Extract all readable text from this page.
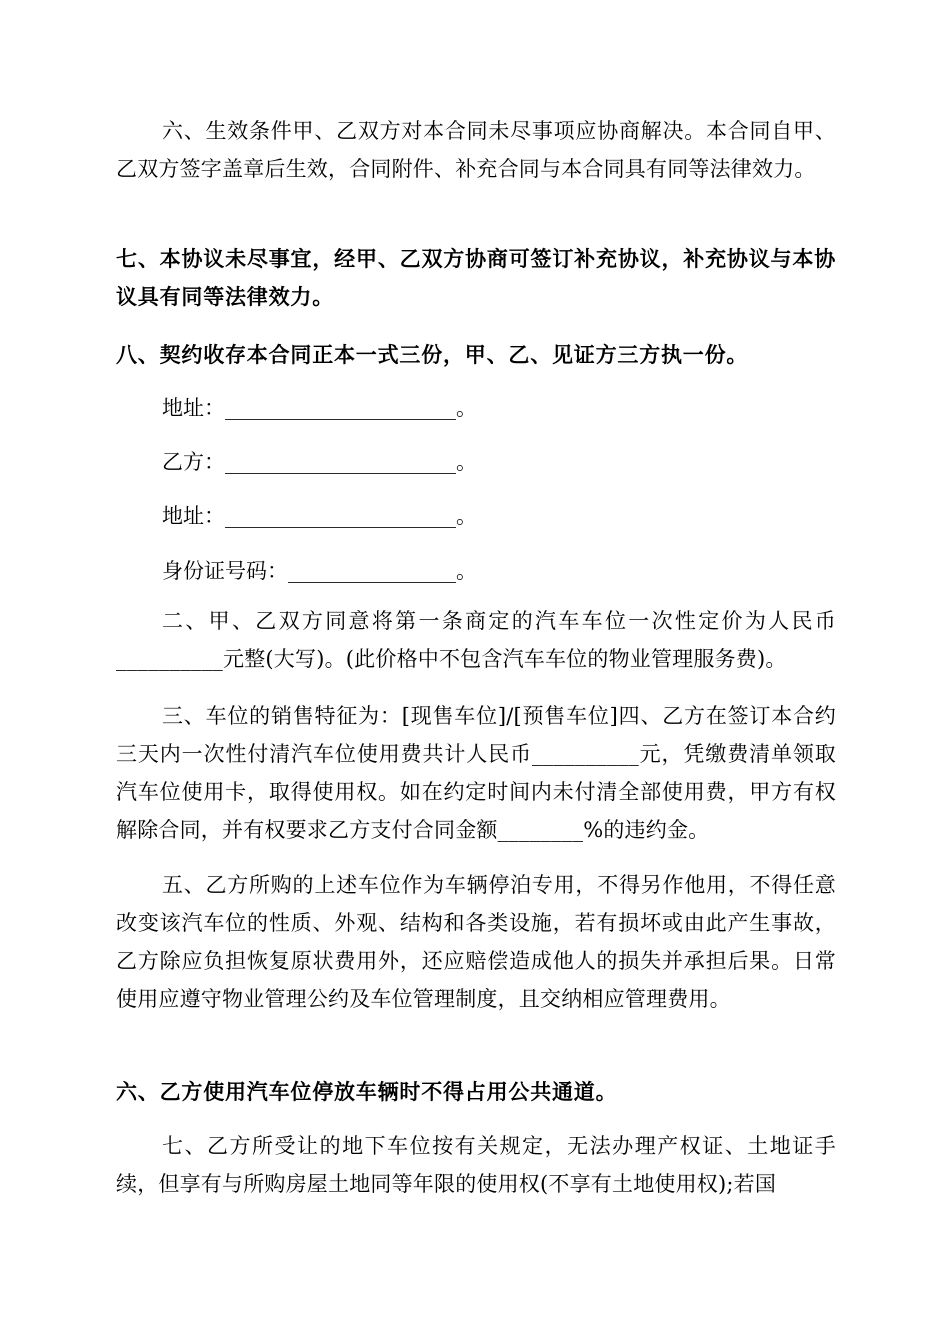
六、生效条件甲、乙双方对本合同未尽事项应协商解决。本合同自甲、乙双方签字盖章后生效，合同附件、补充合同与本合同具有同等法律效力。

七、本协议未尽事宜，经甲、乙双方协商可签订补充协议，补充协议与本协议具有同等法律效力。

八、契约收存本合同正本一式三份，甲、乙、见证方三方执一份。

地址：______________________。

乙方：______________________。

地址：______________________。

身份证号码：________________。

二、甲、乙双方同意将第一条商定的汽车车位一次性定价为人民币__________元整(大写)。(此价格中不包含汽车车位的物业管理服务费)。

三、车位的销售特征为：[现售车位]/[预售车位]四、乙方在签订本合约三天内一次性付清汽车位使用费共计人民币__________元，凭缴费清单领取汽车位使用卡，取得使用权。如在约定时间内未付清全部使用费，甲方有权解除合同，并有权要求乙方支付合同金额________%的违约金。

五、乙方所购的上述车位作为车辆停泊专用，不得另作他用，不得任意改变该汽车位的性质、外观、结构和各类设施，若有损坏或由此产生事故，乙方除应负担恢复原状费用外，还应赔偿造成他人的损失并承担后果。日常使用应遵守物业管理公约及车位管理制度，且交纳相应管理费用。

六、乙方使用汽车位停放车辆时不得占用公共通道。

七、乙方所受让的地下车位按有关规定，无法办理产权证、土地证手续，但享有与所购房屋土地同等年限的使用权(不享有土地使用权);若国
